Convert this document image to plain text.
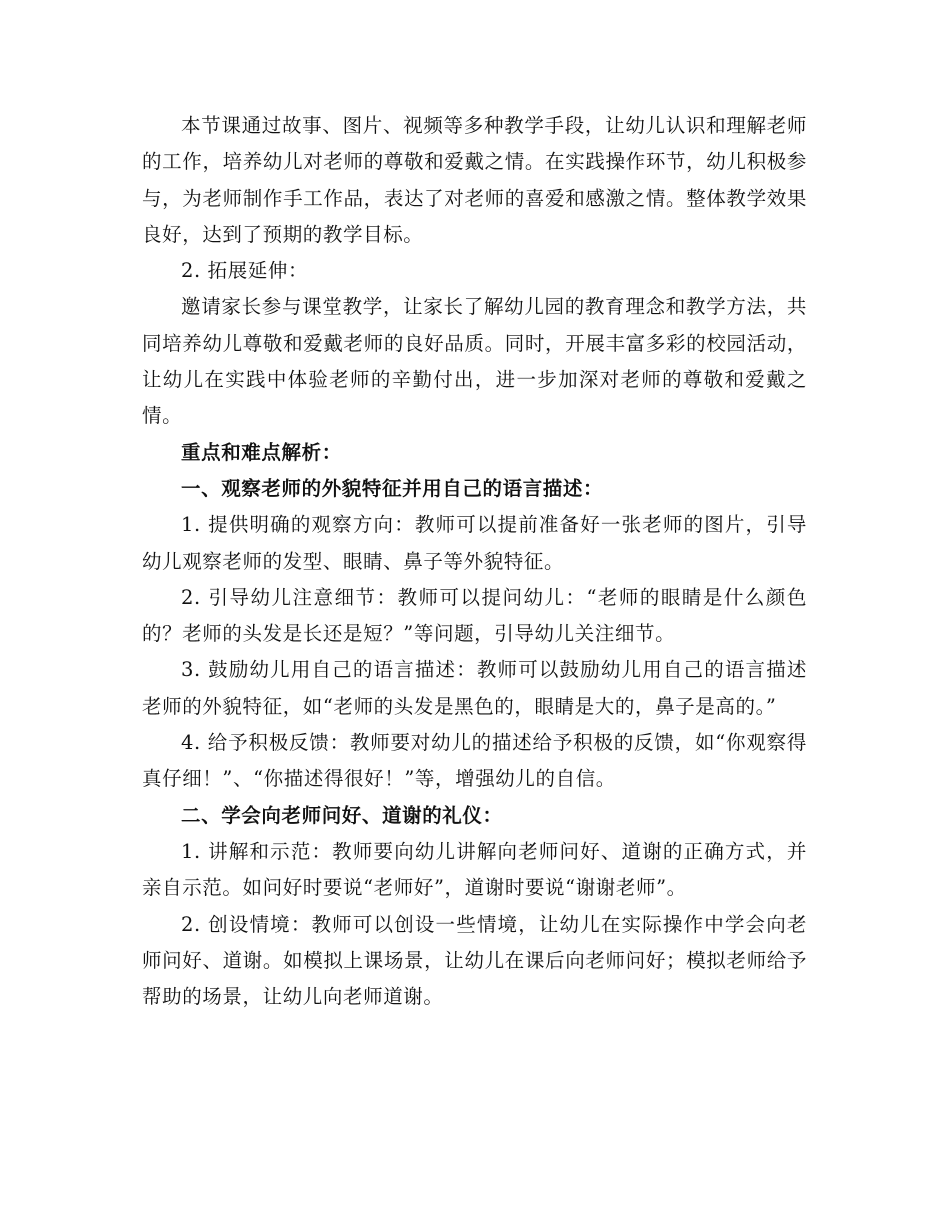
本节课通过故事、图片、视频等多种教学手段，让幼儿认识和理解老师的工作，培养幼儿对老师的尊敬和爱戴之情。在实践操作环节，幼儿积极参与，为老师制作手工作品，表达了对老师的喜爱和感激之情。整体教学效果良好，达到了预期的教学目标。

2. 拓展延伸：

邀请家长参与课堂教学，让家长了解幼儿园的教育理念和教学方法，共同培养幼儿尊敬和爱戴老师的良好品质。同时，开展丰富多彩的校园活动，让幼儿在实践中体验老师的辛勤付出，进一步加深对老师的尊敬和爱戴之情。

重点和难点解析：

一、观察老师的外貌特征并用自己的语言描述：

1. 提供明确的观察方向：教师可以提前准备好一张老师的图片，引导幼儿观察老师的发型、眼睛、鼻子等外貌特征。

2. 引导幼儿注意细节：教师可以提问幼儿：“老师的眼睛是什么颜色的？老师的头发是长还是短？”等问题，引导幼儿关注细节。

3. 鼓励幼儿用自己的语言描述：教师可以鼓励幼儿用自己的语言描述老师的外貌特征，如“老师的头发是黑色的，眼睛是大的，鼻子是高的。”

4. 给予积极反馈：教师要对幼儿的描述给予积极的反馈，如“你观察得真仔细！”、“你描述得很好！”等，增强幼儿的自信。

二、学会向老师问好、道谢的礼仪：

1. 讲解和示范：教师要向幼儿讲解向老师问好、道谢的正确方式，并亲自示范。如问好时要说“老师好”，道谢时要说“谢谢老师”。

2. 创设情境：教师可以创设一些情境，让幼儿在实际操作中学会向老师问好、道谢。如模拟上课场景，让幼儿在课后向老师问好；模拟老师给予帮助的场景，让幼儿向老师道谢。
